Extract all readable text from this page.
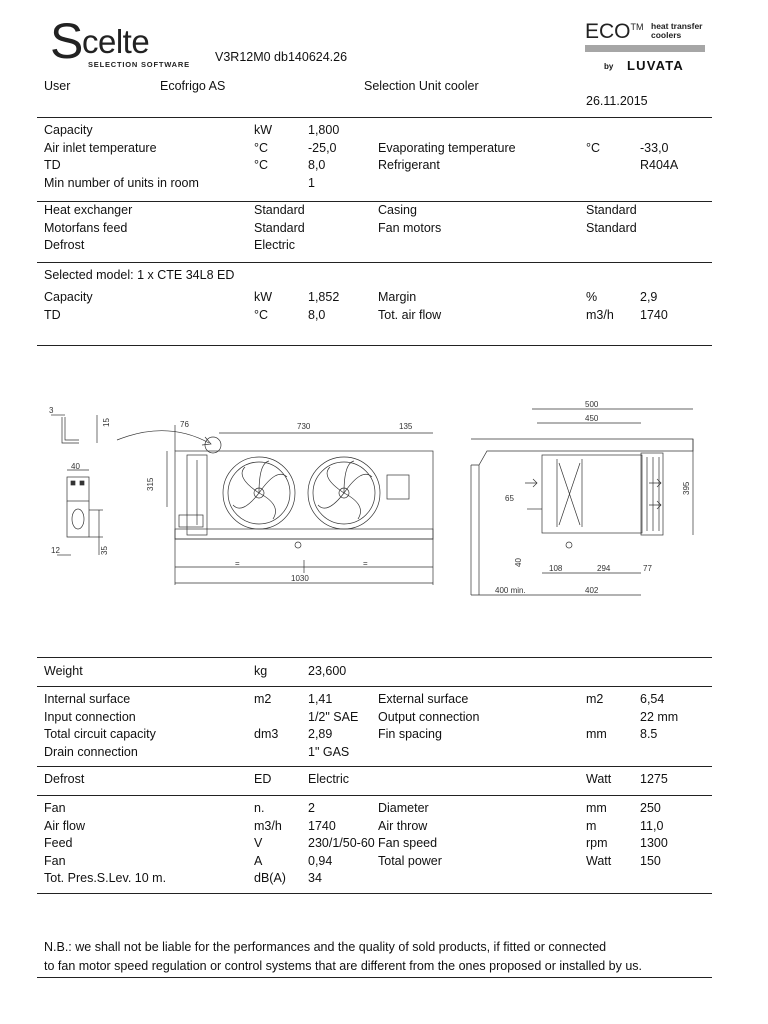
S
celte
SELECTION SOFTWARE
V3R12M0 db140624.26
ECO™ heat transfer
coolers
by LUVATA
User	Ecofrigo AS	Selection Unit cooler
26.11.2015
Capacity	kW	1,800
Air inlet temperature	°C	-25,0	Evaporating temperature	°C	-33,0
TD	°C	8,0	Refrigerant	R404A
Min number of units in room	1
Heat exchanger	Standard	Casing	Standard
Motorfans feed	Standard	Fan motors	Standard
Defrost	Electric
Selected model: 1 x CTE 34L8 ED
Capacity	kW	1,852	Margin	%	2,9
TD	°C	8,0	Tot. air flow	m3/h 1740
Weight	kg	23,600
Internal surface	m2	1,41	External surface	m2	6,54
Input connection	1/2" SAE Output connection	22 mm
Total circuit capacity	dm3 2,89	Fin spacing	mm	8.5
Drain connection	1" GAS
Defrost	ED	Electric	Watt 1275
Fan	n.	2	Diameter	mm	250
Air flow	m3/h 1740	Air throw	m	11,0
Feed	V	230/1/50-60 Fan speed	rpm	1300
Fan	A	0,94	Total power	Watt 150
Tot. Pres.S.Lev. 10 m.	dB(A) 34
3
15
40
12	35
76	730	135
315
=	=
1030
500
450
65
395
40
108	294	77
400 min.	402
N.B.: we shall not be liable for the performances and the quality of sold products, if fitted or connected
to fan motor speed regulation or control systems that are different from the ones proposed or installed by us.
